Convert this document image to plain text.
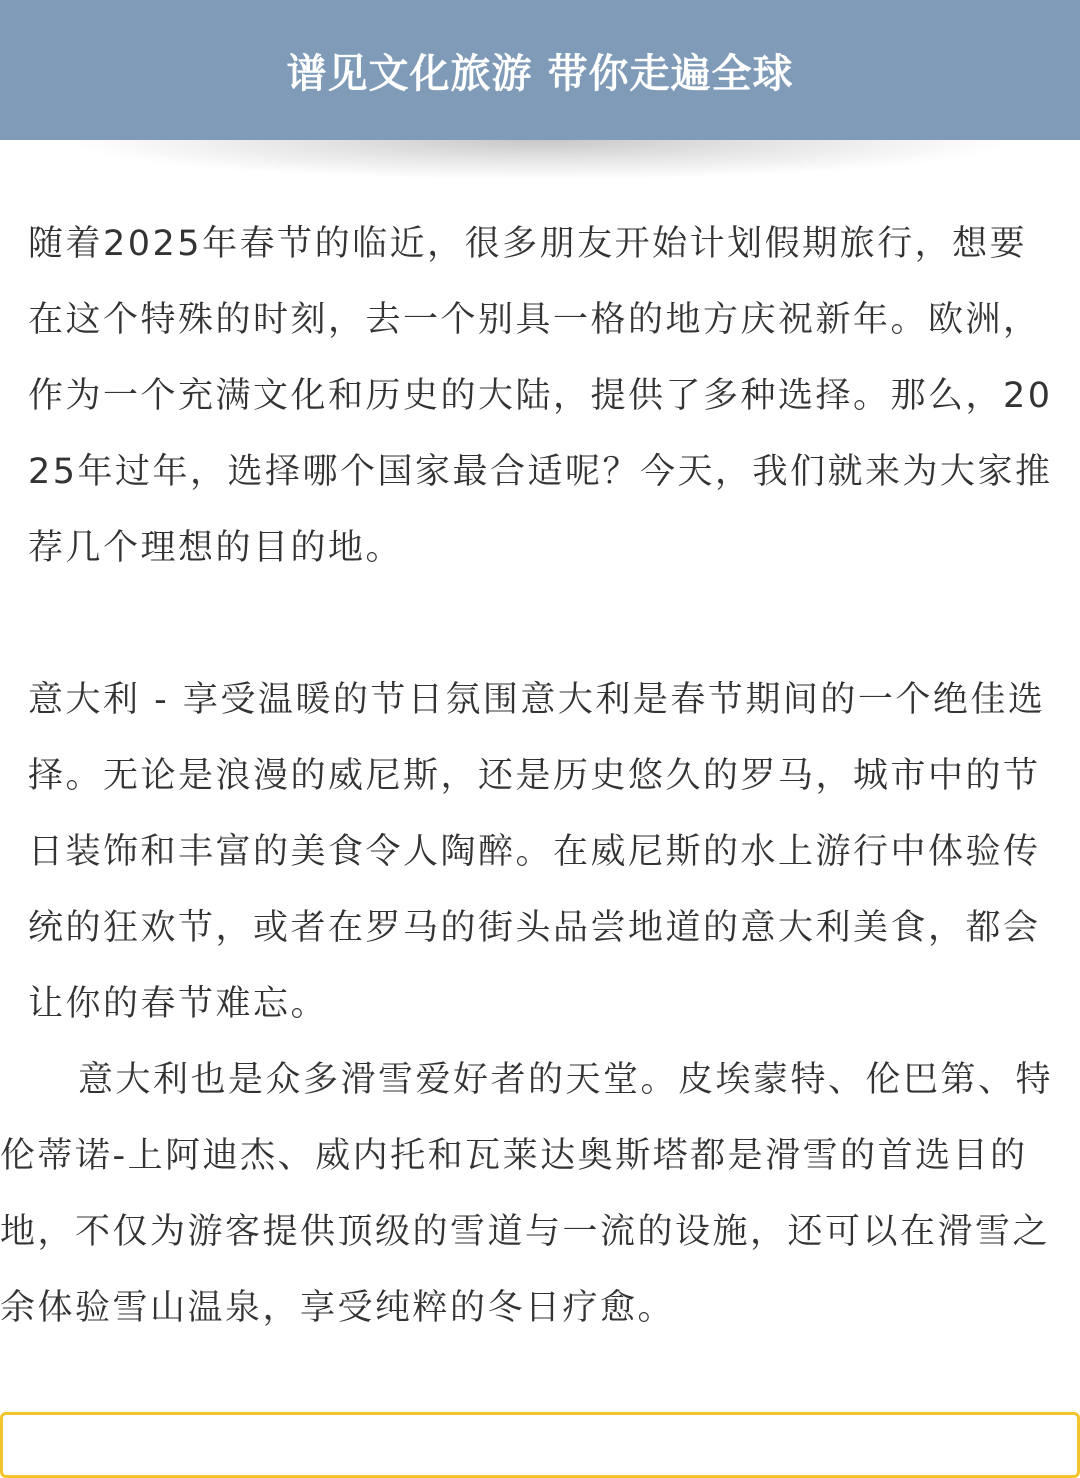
谱见文化旅游 带你走遍全球

随着2025年春节的临近，很多朋友开始计划假期旅行，想要在这个特殊的时刻，去一个别具一格的地方庆祝新年。欧洲，作为一个充满文化和历史的大陆，提供了多种选择。那么，2025年过年，选择哪个国家最合适呢？今天，我们就来为大家推荐几个理想的目的地。

意大利 - 享受温暖的节日氛围意大利是春节期间的一个绝佳选择。无论是浪漫的威尼斯，还是历史悠久的罗马，城市中的节日装饰和丰富的美食令人陶醉。在威尼斯的水上游行中体验传统的狂欢节，或者在罗马的街头品尝地道的意大利美食，都会让你的春节难忘。

意大利也是众多滑雪爱好者的天堂。皮埃蒙特、伦巴第、特伦蒂诺-上阿迪杰、威内托和瓦莱达奥斯塔都是滑雪的首选目的地，不仅为游客提供顶级的雪道与一流的设施，还可以在滑雪之余体验雪山温泉，享受纯粹的冬日疗愈。
